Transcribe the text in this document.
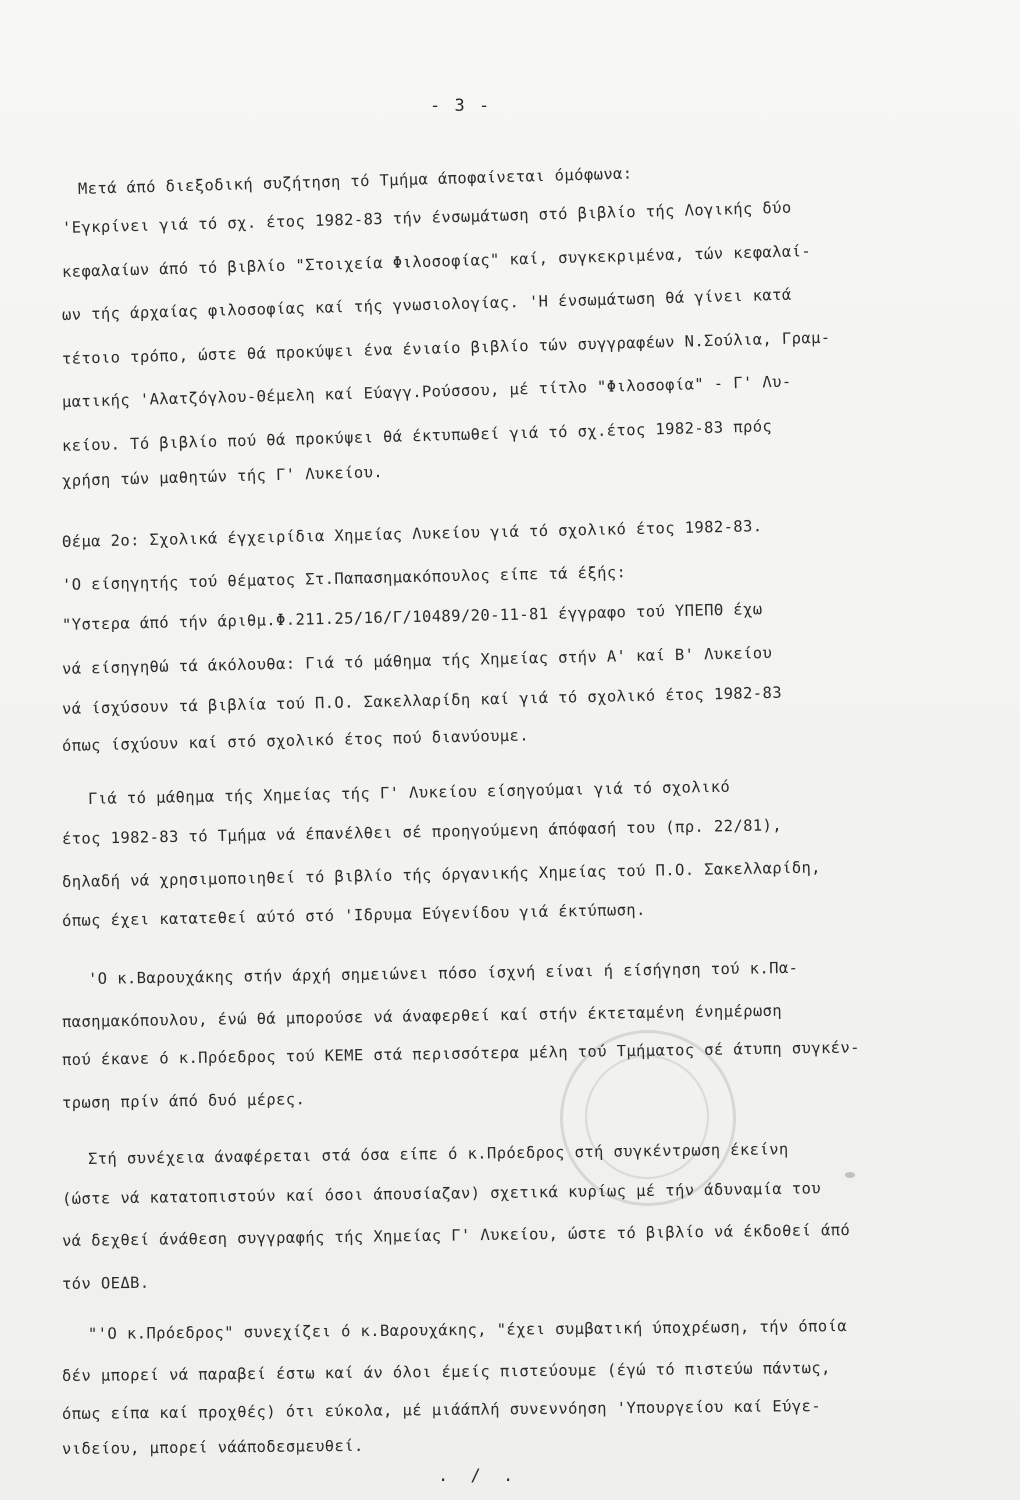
- 3 -
Μετά άπό διεξοδική συζήτηση τό Τμήμα άποφαίνεται όμόφωνα:
'Εγκρίνει γιά τό σχ. έτος 1982-83 τήν ένσωμάτωση στό βιβλίο τής Λογικής δύο
κεφαλαίων άπό τό βιβλίο "Στοιχεία Φιλοσοφίας" καί, συγκεκριμένα, τών κεφαλαί-
ων τής άρχαίας φιλοσοφίας καί τής γνωσιολογίας. 'Η ένσωμάτωση θά γίνει κατά
τέτοιο τρόπο, ώστε θά προκύψει ένα ένιαίο βιβλίο τών συγγραφέων Ν.Σούλια, Γραμ-
ματικής 'Αλατζόγλου-Θέμελη καί Εύαγγ.Ρούσσου, μέ τίτλο "Φιλοσοφία" - Γ' Λυ-
κείου. Τό βιβλίο πού θά προκύψει θά έκτυπωθεί γιά τό σχ.έτος 1982-83 πρός
χρήση τών μαθητών τής Γ' Λυκείου.
Θέμα 2ο: Σχολικά έγχειρίδια Χημείας Λυκείου γιά τό σχολικό έτος 1982-83.
'Ο είσηγητής τού θέματος Στ.Παπασημακόπουλος είπε τά έξής:
"Υστερα άπό τήν άριθμ.Φ.211.25/16/Γ/10489/20-11-81 έγγραφο τού ΥΠΕΠΘ έχω
νά είσηγηθώ τά άκόλουθα: Γιά τό μάθημα τής Χημείας στήν Α' καί Β' Λυκείου
νά ίσχύσουν τά βιβλία τού Π.Ο. Σακελλαρίδη καί γιά τό σχολικό έτος 1982-83
όπως ίσχύουν καί στό σχολικό έτος πού διανύουμε.
Γιά τό μάθημα τής Χημείας τής Γ' Λυκείου είσηγούμαι γιά τό σχολικό
έτος 1982-83 τό Τμήμα νά έπανέλθει σέ προηγούμενη άπόφασή του (πρ. 22/81),
δηλαδή νά χρησιμοποιηθεί τό βιβλίο τής όργανικής Χημείας τού Π.Ο. Σακελλαρίδη,
όπως έχει κατατεθεί αύτό στό 'Ιδρυμα Εύγενίδου γιά έκτύπωση.
'Ο κ.Βαρουχάκης στήν άρχή σημειώνει πόσο ίσχνή είναι ή είσήγηση τού κ.Πα-
πασημακόπουλου, ένώ θά μπορούσε νά άναφερθεί καί στήν έκτεταμένη ένημέρωση
πού έκανε ό κ.Πρόεδρος τού ΚΕΜΕ στά περισσότερα μέλη τού Τμήματος σέ άτυπη συγκέν-
τρωση πρίν άπό δυό μέρες.
Στή συνέχεια άναφέρεται στά όσα είπε ό κ.Πρόεδρος στή συγκέντρωση έκείνη
(ώστε νά κατατοπιστούν καί όσοι άπουσίαζαν) σχετικά κυρίως μέ τήν άδυναμία του
νά δεχθεί άνάθεση συγγραφής τής Χημείας Γ' Λυκείου, ώστε τό βιβλίο νά έκδοθεί άπό
τόν ΟΕΔΒ.
"'Ο κ.Πρόεδρος" συνεχίζει ό κ.Βαρουχάκης, "έχει συμβατική ύποχρέωση, τήν όποία
δέν μπορεί νά παραβεί έστω καί άν όλοι έμείς πιστεύουμε (έγώ τό πιστεύω πάντως,
όπως είπα καί προχθές) ότι εύκολα, μέ μιάάπλή συνεννόηση 'Υπουργείου καί Εύγε-
νιδείου, μπορεί νάάποδεσμευθεί.
. / .
